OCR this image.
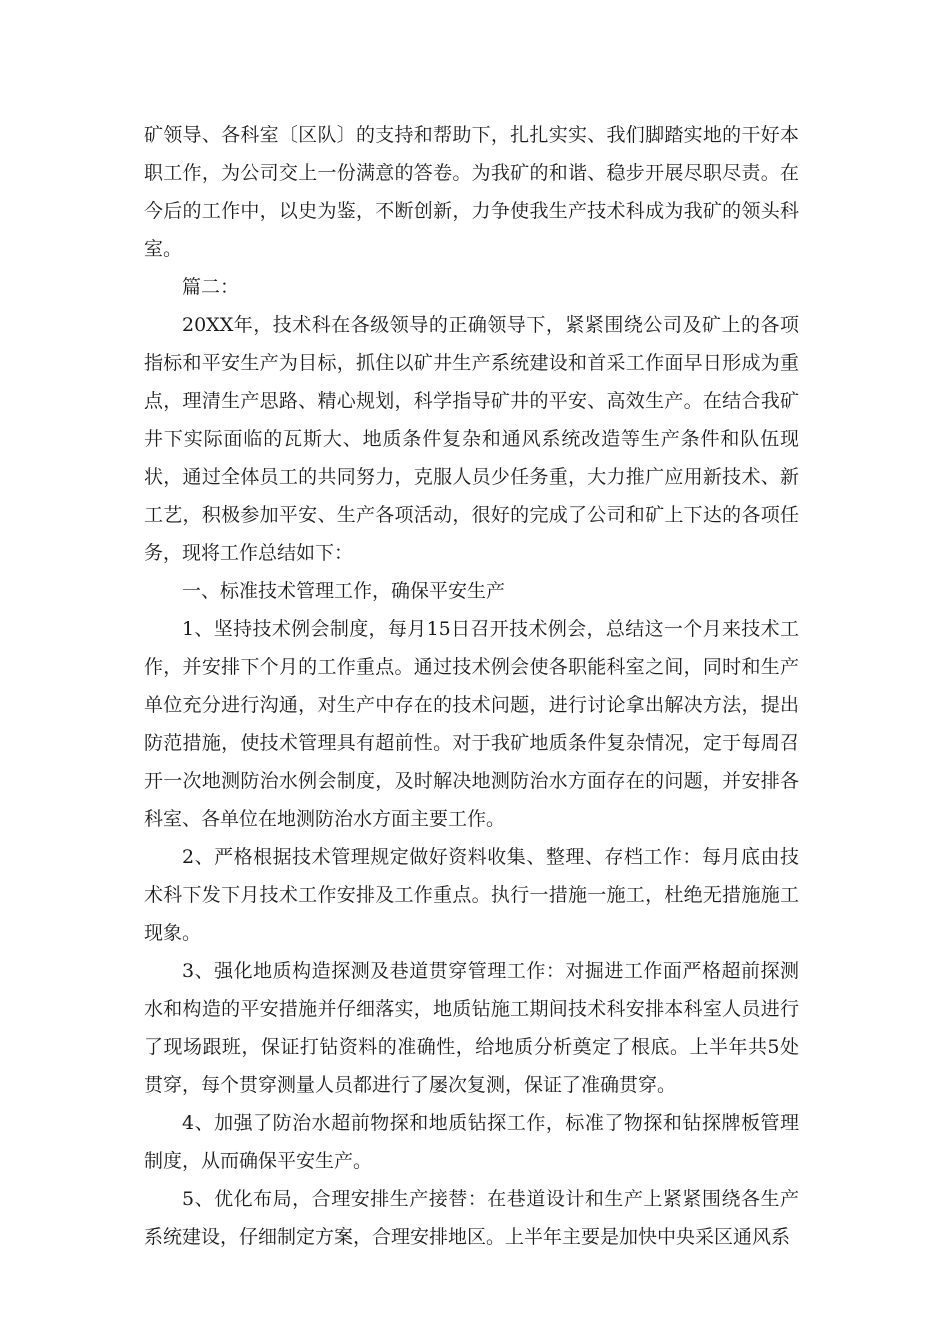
矿领导、各科室〔区队〕的支持和帮助下，扎扎实实、我们脚踏实地的干好本职工作，为公司交上一份满意的答卷。为我矿的和谐、稳步开展尽职尽责。在今后的工作中，以史为鉴，不断创新，力争使我生产技术科成为我矿的领头科室。

篇二：

20XX年，技术科在各级领导的正确领导下，紧紧围绕公司及矿上的各项指标和平安生产为目标，抓住以矿井生产系统建设和首采工作面早日形成为重点，理清生产思路、精心规划，科学指导矿井的平安、高效生产。在结合我矿井下实际面临的瓦斯大、地质条件复杂和通风系统改造等生产条件和队伍现状，通过全体员工的共同努力，克服人员少任务重，大力推广应用新技术、新工艺，积极参加平安、生产各项活动，很好的完成了公司和矿上下达的各项任务，现将工作总结如下：

一、标准技术管理工作，确保平安生产

1、坚持技术例会制度，每月15日召开技术例会，总结这一个月来技术工作，并安排下个月的工作重点。通过技术例会使各职能科室之间，同时和生产单位充分进行沟通，对生产中存在的技术问题，进行讨论拿出解决方法，提出防范措施，使技术管理具有超前性。对于我矿地质条件复杂情况，定于每周召开一次地测防治水例会制度，及时解决地测防治水方面存在的问题，并安排各科室、各单位在地测防治水方面主要工作。

2、严格根据技术管理规定做好资料收集、整理、存档工作：每月底由技术科下发下月技术工作安排及工作重点。执行一措施一施工，杜绝无措施施工现象。

3、强化地质构造探测及巷道贯穿管理工作：对掘进工作面严格超前探测水和构造的平安措施并仔细落实，地质钻施工期间技术科安排本科室人员进行了现场跟班，保证打钻资料的准确性，给地质分析奠定了根底。上半年共5处贯穿，每个贯穿测量人员都进行了屡次复测，保证了准确贯穿。

4、加强了防治水超前物探和地质钻探工作，标准了物探和钻探牌板管理制度，从而确保平安生产。

5、优化布局，合理安排生产接替：在巷道设计和生产上紧紧围绕各生产系统建设，仔细制定方案，合理安排地区。上半年主要是加快中央采区通风系
